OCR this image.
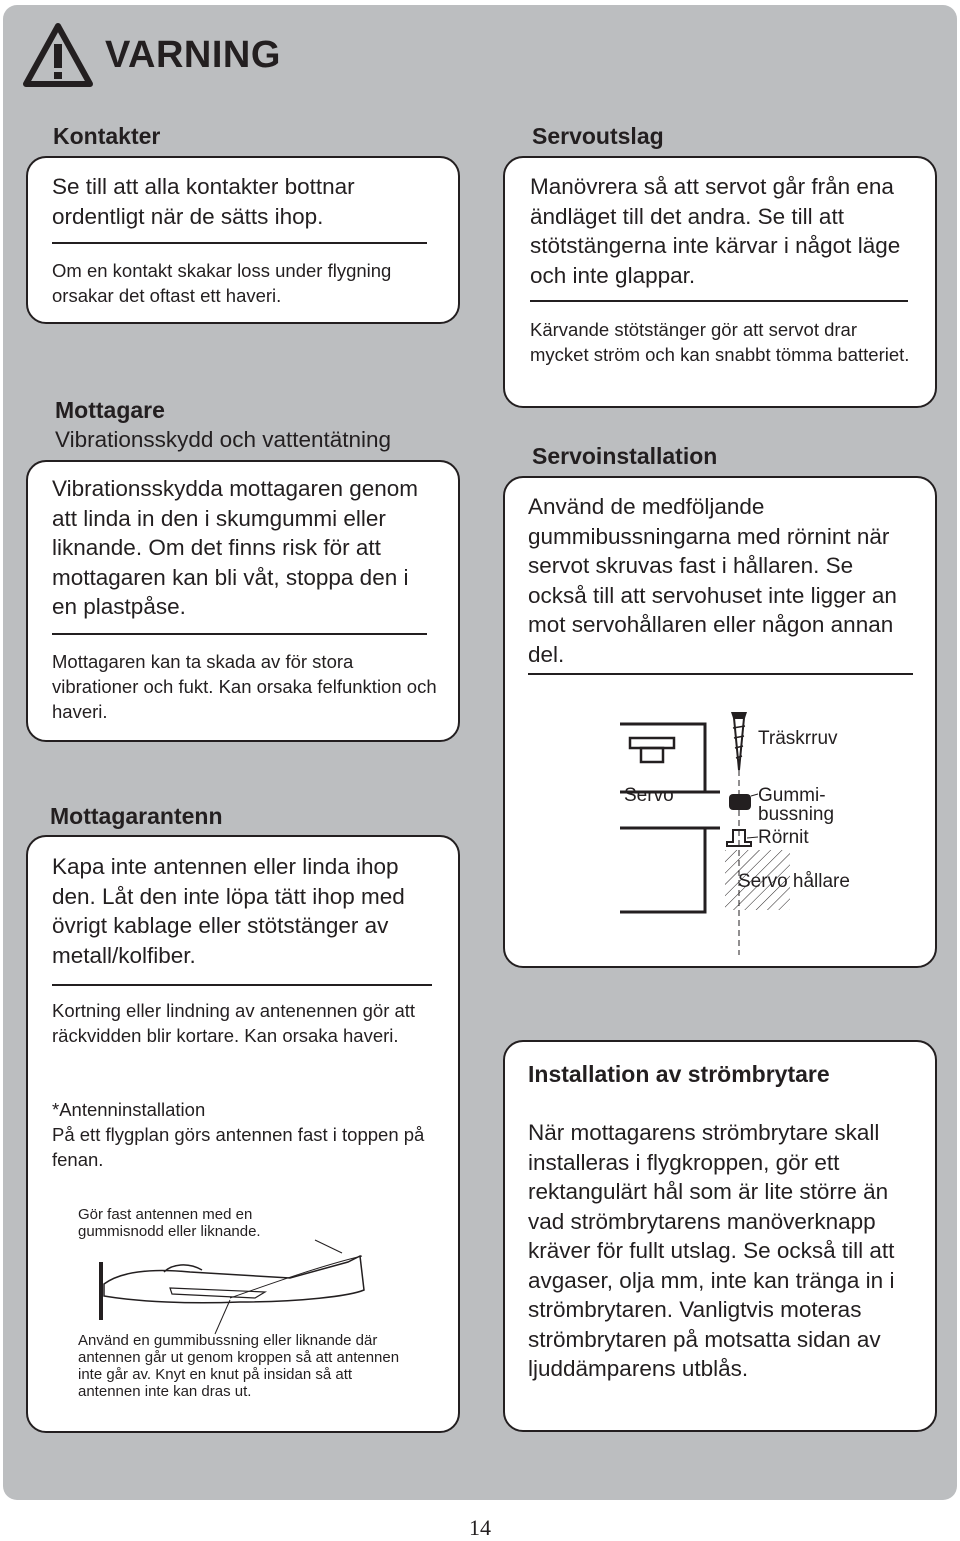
VARNING
Kontakter
Se till att alla kontakter bottnar ordentligt när de sätts ihop.
Om en kontakt skakar loss under flygning orsakar det oftast ett haveri.
Mottagare
Vibrationsskydd och vattentätning
Vibrationsskydda mottagaren genom att linda in den i skumgummi eller liknande. Om det finns risk för att mottagaren kan bli våt, stoppa den i en plastpåse.
Mottagaren kan ta skada av för stora vibrationer och fukt. Kan orsaka felfunktion och haveri.
Mottagarantenn
Kapa inte antennen eller linda ihop den. Låt den inte löpa tätt ihop med övrigt kablage eller stötstänger av metall/kolfiber.
Kortning eller lindning av antenennen gör att räckvidden blir kortare. Kan orsaka haveri.
*Antenninstallation
På ett flygplan görs antennen fast i toppen på fenan.
Gör fast antennen med en gummisnodd eller liknande.
Använd en gummibussning eller liknande där antennen går ut genom kroppen så att antennen inte går av. Knyt en knut på insidan så att antennen inte kan dras ut.
Servoutslag
Manövrera så att servot går från ena ändläget till det andra. Se till att stötstängerna inte kärvar i något läge och inte glappar.
Kärvande stötstänger gör att servot drar mycket ström och kan snabbt tömma batteriet.
Servoinstallation
Använd de medföljande gummibussningarna med rörnint när servot skruvas fast i hållaren. Se också till att servohuset inte ligger an mot servohållaren eller någon annan del.
Träskrruv
Servo	Gummi-
bussning
Rörnit
Servo hållare
Installation av strömbrytare
När mottagarens strömbrytare skall installeras i flygkroppen, gör ett rektangulärt hål som är lite större än vad strömbrytarens manöverknapp kräver för fullt utslag. Se också till att avgaser, olja mm, inte kan tränga in i strömbrytaren. Vanligtvis moteras strömbrytaren på motsatta sidan av ljuddämparens utblås.
14
